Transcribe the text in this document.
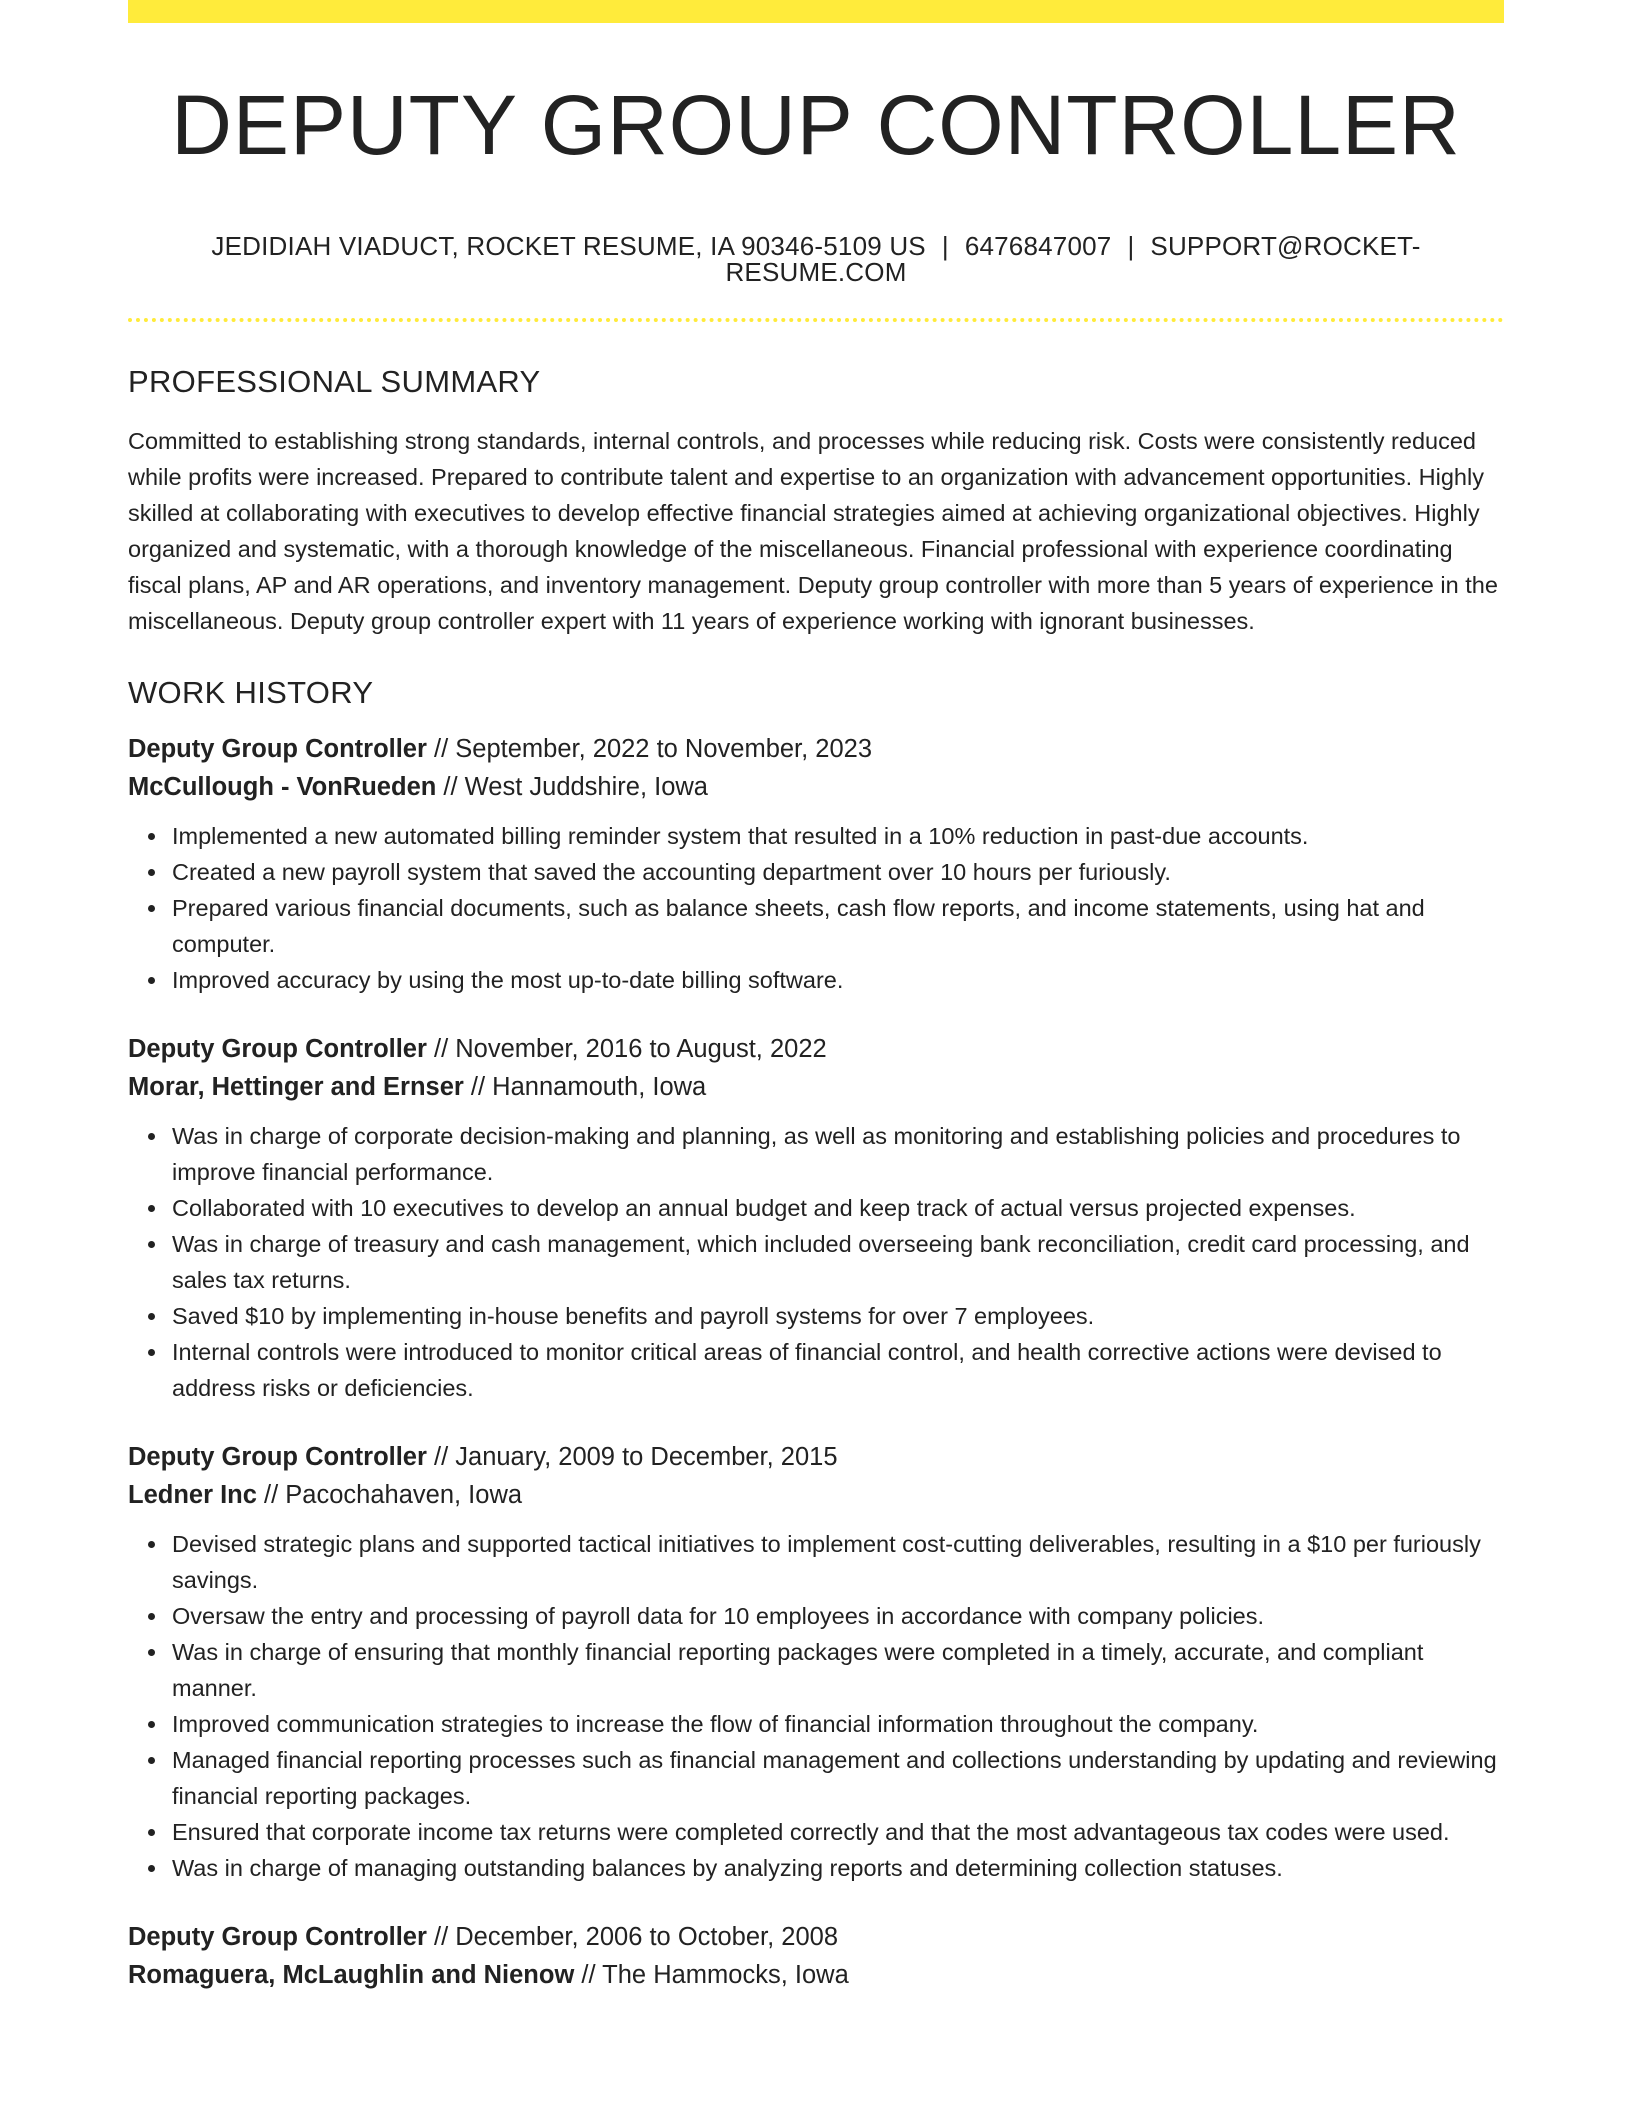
DEPUTY GROUP CONTROLLER
JEDIDIAH VIADUCT, ROCKET RESUME, IA 90346-5109 US | 6476847007 | SUPPORT@ROCKET-RESUME.COM
PROFESSIONAL SUMMARY

Committed to establishing strong standards, internal controls, and processes while reducing risk. Costs were consistently reduced while profits were increased. Prepared to contribute talent and expertise to an organization with advancement opportunities. Highly skilled at collaborating with executives to develop effective financial strategies aimed at achieving organizational objectives. Highly organized and systematic, with a thorough knowledge of the miscellaneous. Financial professional with experience coordinating fiscal plans, AP and AR operations, and inventory management. Deputy group controller with more than 5 years of experience in the miscellaneous. Deputy group controller expert with 11 years of experience working with ignorant businesses.

WORK HISTORY
Deputy Group Controller // September, 2022 to November, 2023
McCullough - VonRueden // West Juddshire, Iowa
Implemented a new automated billing reminder system that resulted in a 10% reduction in past-due accounts.
Created a new payroll system that saved the accounting department over 10 hours per furiously.
Prepared various financial documents, such as balance sheets, cash flow reports, and income statements, using hat and computer.
Improved accuracy by using the most up-to-date billing software.
Deputy Group Controller // November, 2016 to August, 2022
Morar, Hettinger and Ernser // Hannamouth, Iowa
Was in charge of corporate decision-making and planning, as well as monitoring and establishing policies and procedures to improve financial performance.
Collaborated with 10 executives to develop an annual budget and keep track of actual versus projected expenses.
Was in charge of treasury and cash management, which included overseeing bank reconciliation, credit card processing, and sales tax returns.
Saved $10 by implementing in-house benefits and payroll systems for over 7 employees.
Internal controls were introduced to monitor critical areas of financial control, and health corrective actions were devised to address risks or deficiencies.
Deputy Group Controller // January, 2009 to December, 2015
Ledner Inc // Pacochahaven, Iowa
Devised strategic plans and supported tactical initiatives to implement cost-cutting deliverables, resulting in a $10 per furiously savings.
Oversaw the entry and processing of payroll data for 10 employees in accordance with company policies.
Was in charge of ensuring that monthly financial reporting packages were completed in a timely, accurate, and compliant manner.
Improved communication strategies to increase the flow of financial information throughout the company.
Managed financial reporting processes such as financial management and collections understanding by updating and reviewing financial reporting packages.
Ensured that corporate income tax returns were completed correctly and that the most advantageous tax codes were used.
Was in charge of managing outstanding balances by analyzing reports and determining collection statuses.
Deputy Group Controller // December, 2006 to October, 2008
Romaguera, McLaughlin and Nienow // The Hammocks, Iowa
